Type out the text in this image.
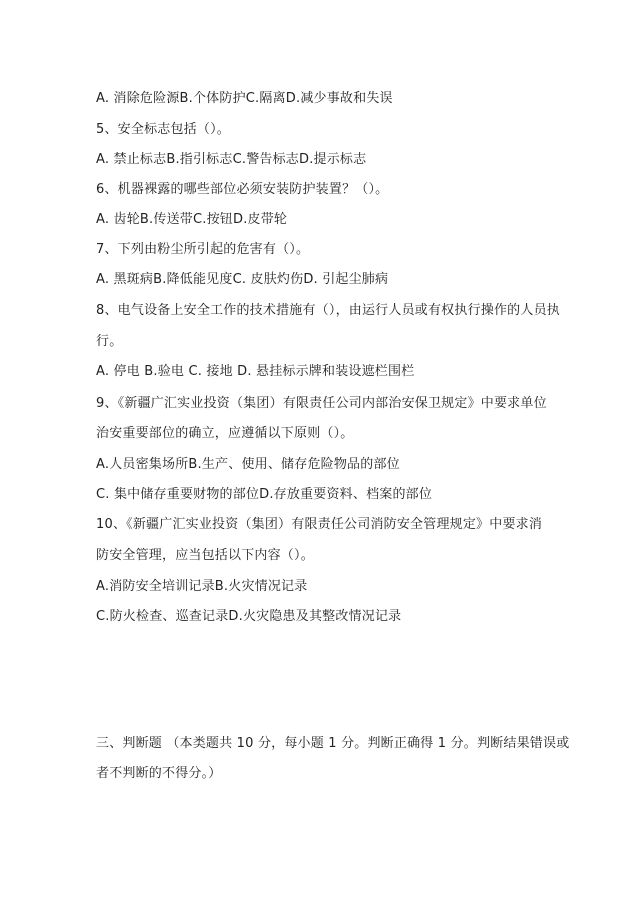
A. 消除危险源B.个体防护C.隔离D.减少事故和失误
5、安全标志包括（）。
A. 禁止标志B.指引标志C.警告标志D.提示标志
6、机器裸露的哪些部位必须安装防护装置？（）。
A. 齿轮B.传送带C.按钮D.皮带轮
7、下列由粉尘所引起的危害有（）。
A. 黑斑病B.降低能见度C. 皮肤灼伤D. 引起尘肺病
8、电气设备上安全工作的技术措施有（），由运行人员或有权执行操作的人员执
行。
A. 停电 B.验电 C. 接地 D. 悬挂标示牌和装设遮栏围栏
9、《新疆广汇实业投资（集团）有限责任公司内部治安保卫规定》中要求单位
治安重要部位的确立，应遵循以下原则（）。
A.人员密集场所B.生产、使用、储存危险物品的部位
C. 集中储存重要财物的部位D.存放重要资料、档案的部位
10、《新疆广汇实业投资（集团）有限责任公司消防安全管理规定》中要求消
防安全管理，应当包括以下内容（）。
A.消防安全培训记录B.火灾情况记录
C.防火检查、巡查记录D.火灾隐患及其整改情况记录
三、判断题 （本类题共 10 分，每小题 1 分。判断正确得 1 分。判断结果错误或
者不判断的不得分。）
